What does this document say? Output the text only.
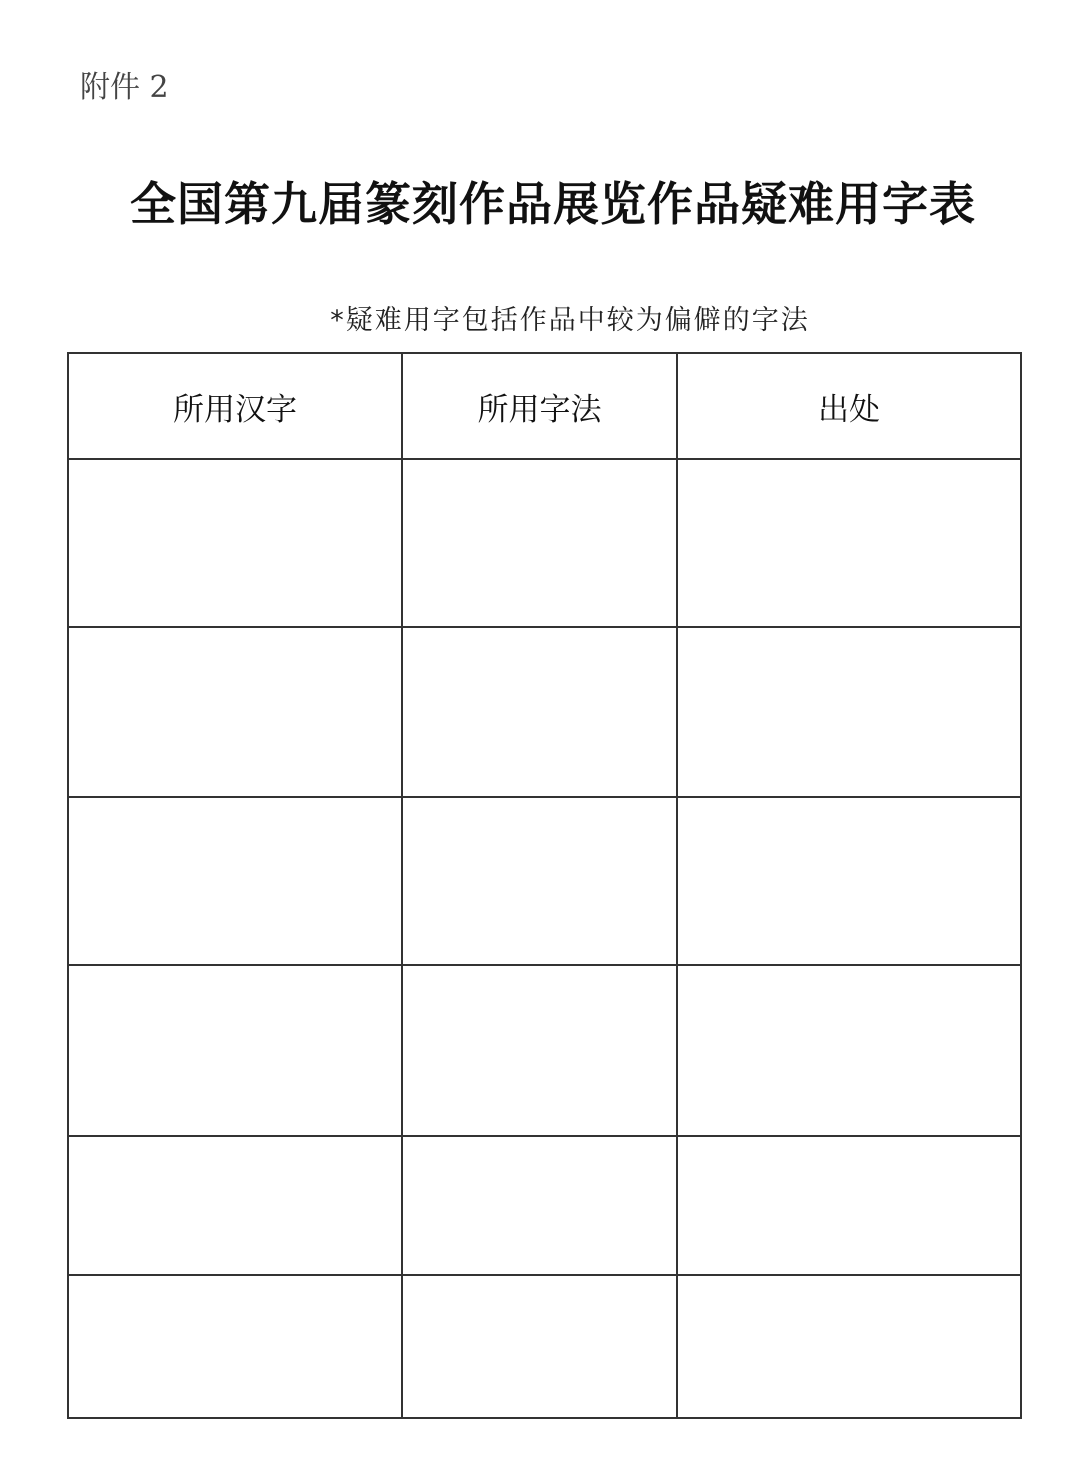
附件 2
全国第九届篆刻作品展览作品疑难用字表
*疑难用字包括作品中较为偏僻的字法
所用汉字	所用字法	出处
